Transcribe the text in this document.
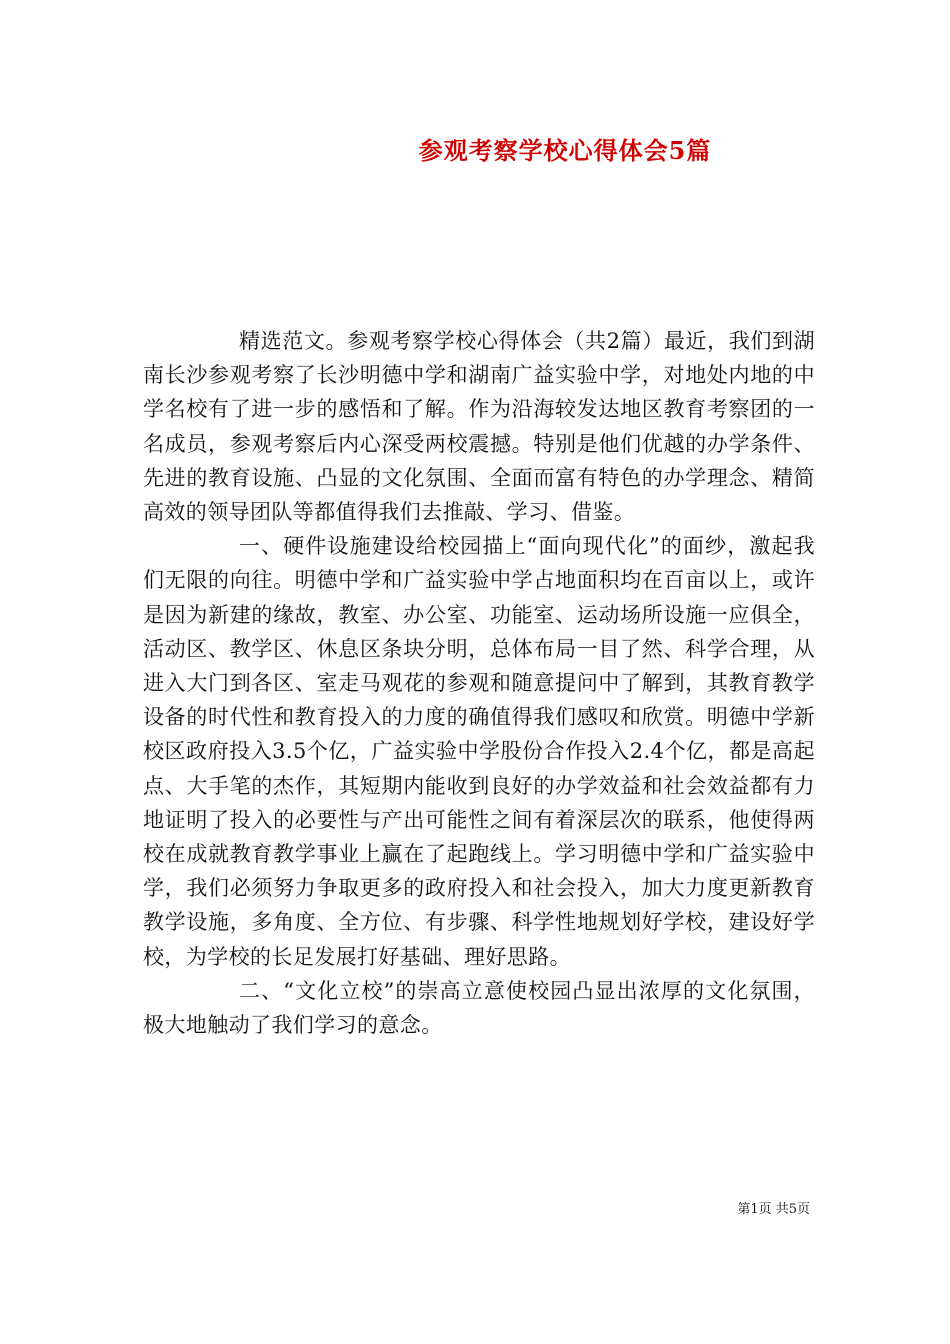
参观考察学校心得体会5篇

精选范文。参观考察学校心得体会（共2篇）最近，我们到湖南长沙参观考察了长沙明德中学和湖南广益实验中学，对地处内地的中学名校有了进一步的感悟和了解。作为沿海较发达地区教育考察团的一名成员，参观考察后内心深受两校震撼。特别是他们优越的办学条件、先进的教育设施、凸显的文化氛围、全面而富有特色的办学理念、精简高效的领导团队等都值得我们去推敲、学习、借鉴。

一、硬件设施建设给校园描上“面向现代化”的面纱，激起我们无限的向往。明德中学和广益实验中学占地面积均在百亩以上，或许是因为新建的缘故，教室、办公室、功能室、运动场所设施一应俱全，活动区、教学区、休息区条块分明，总体布局一目了然、科学合理，从进入大门到各区、室走马观花的参观和随意提问中了解到，其教育教学设备的时代性和教育投入的力度的确值得我们感叹和欣赏。明德中学新校区政府投入3.5个亿，广益实验中学股份合作投入2.4个亿，都是高起点、大手笔的杰作，其短期内能收到良好的办学效益和社会效益都有力地证明了投入的必要性与产出可能性之间有着深层次的联系，他使得两校在成就教育教学事业上赢在了起跑线上。学习明德中学和广益实验中学，我们必须努力争取更多的政府投入和社会投入，加大力度更新教育教学设施，多角度、全方位、有步骤、科学性地规划好学校，建设好学校，为学校的长足发展打好基础、理好思路。

二、“文化立校”的崇高立意使校园凸显出浓厚的文化氛围，极大地触动了我们学习的意念。

第1页 共5页
